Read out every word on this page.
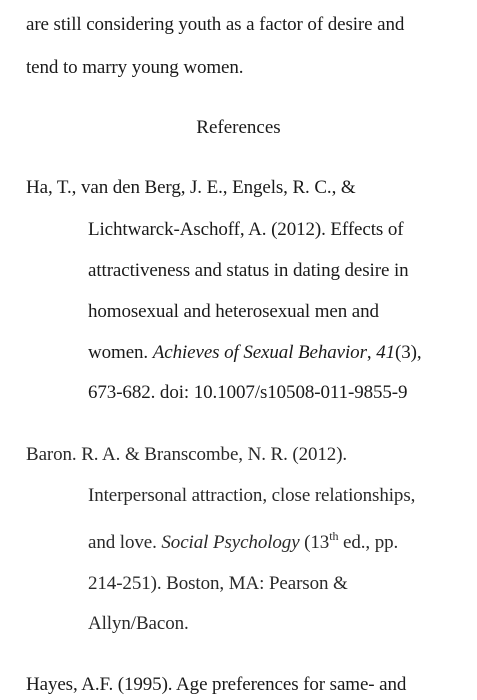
are still considering youth as a factor of desire and
tend to marry young women.
References
Ha, T., van den Berg, J. E., Engels, R. C., &
Lichtwarck-Aschoff, A. (2012). Effects of
attractiveness and status in dating desire in
homosexual and heterosexual men and
women. Achieves of Sexual Behavior, 41(3),
673-682. doi: 10.1007/s10508-011-9855-9
Baron. R. A. & Branscombe, N. R. (2012).
Interpersonal attraction, close relationships,
and love. Social Psychology (13th ed., pp.
214-251). Boston, MA: Pearson &
Allyn/Bacon.
Hayes, A.F. (1995). Age preferences for same- and
